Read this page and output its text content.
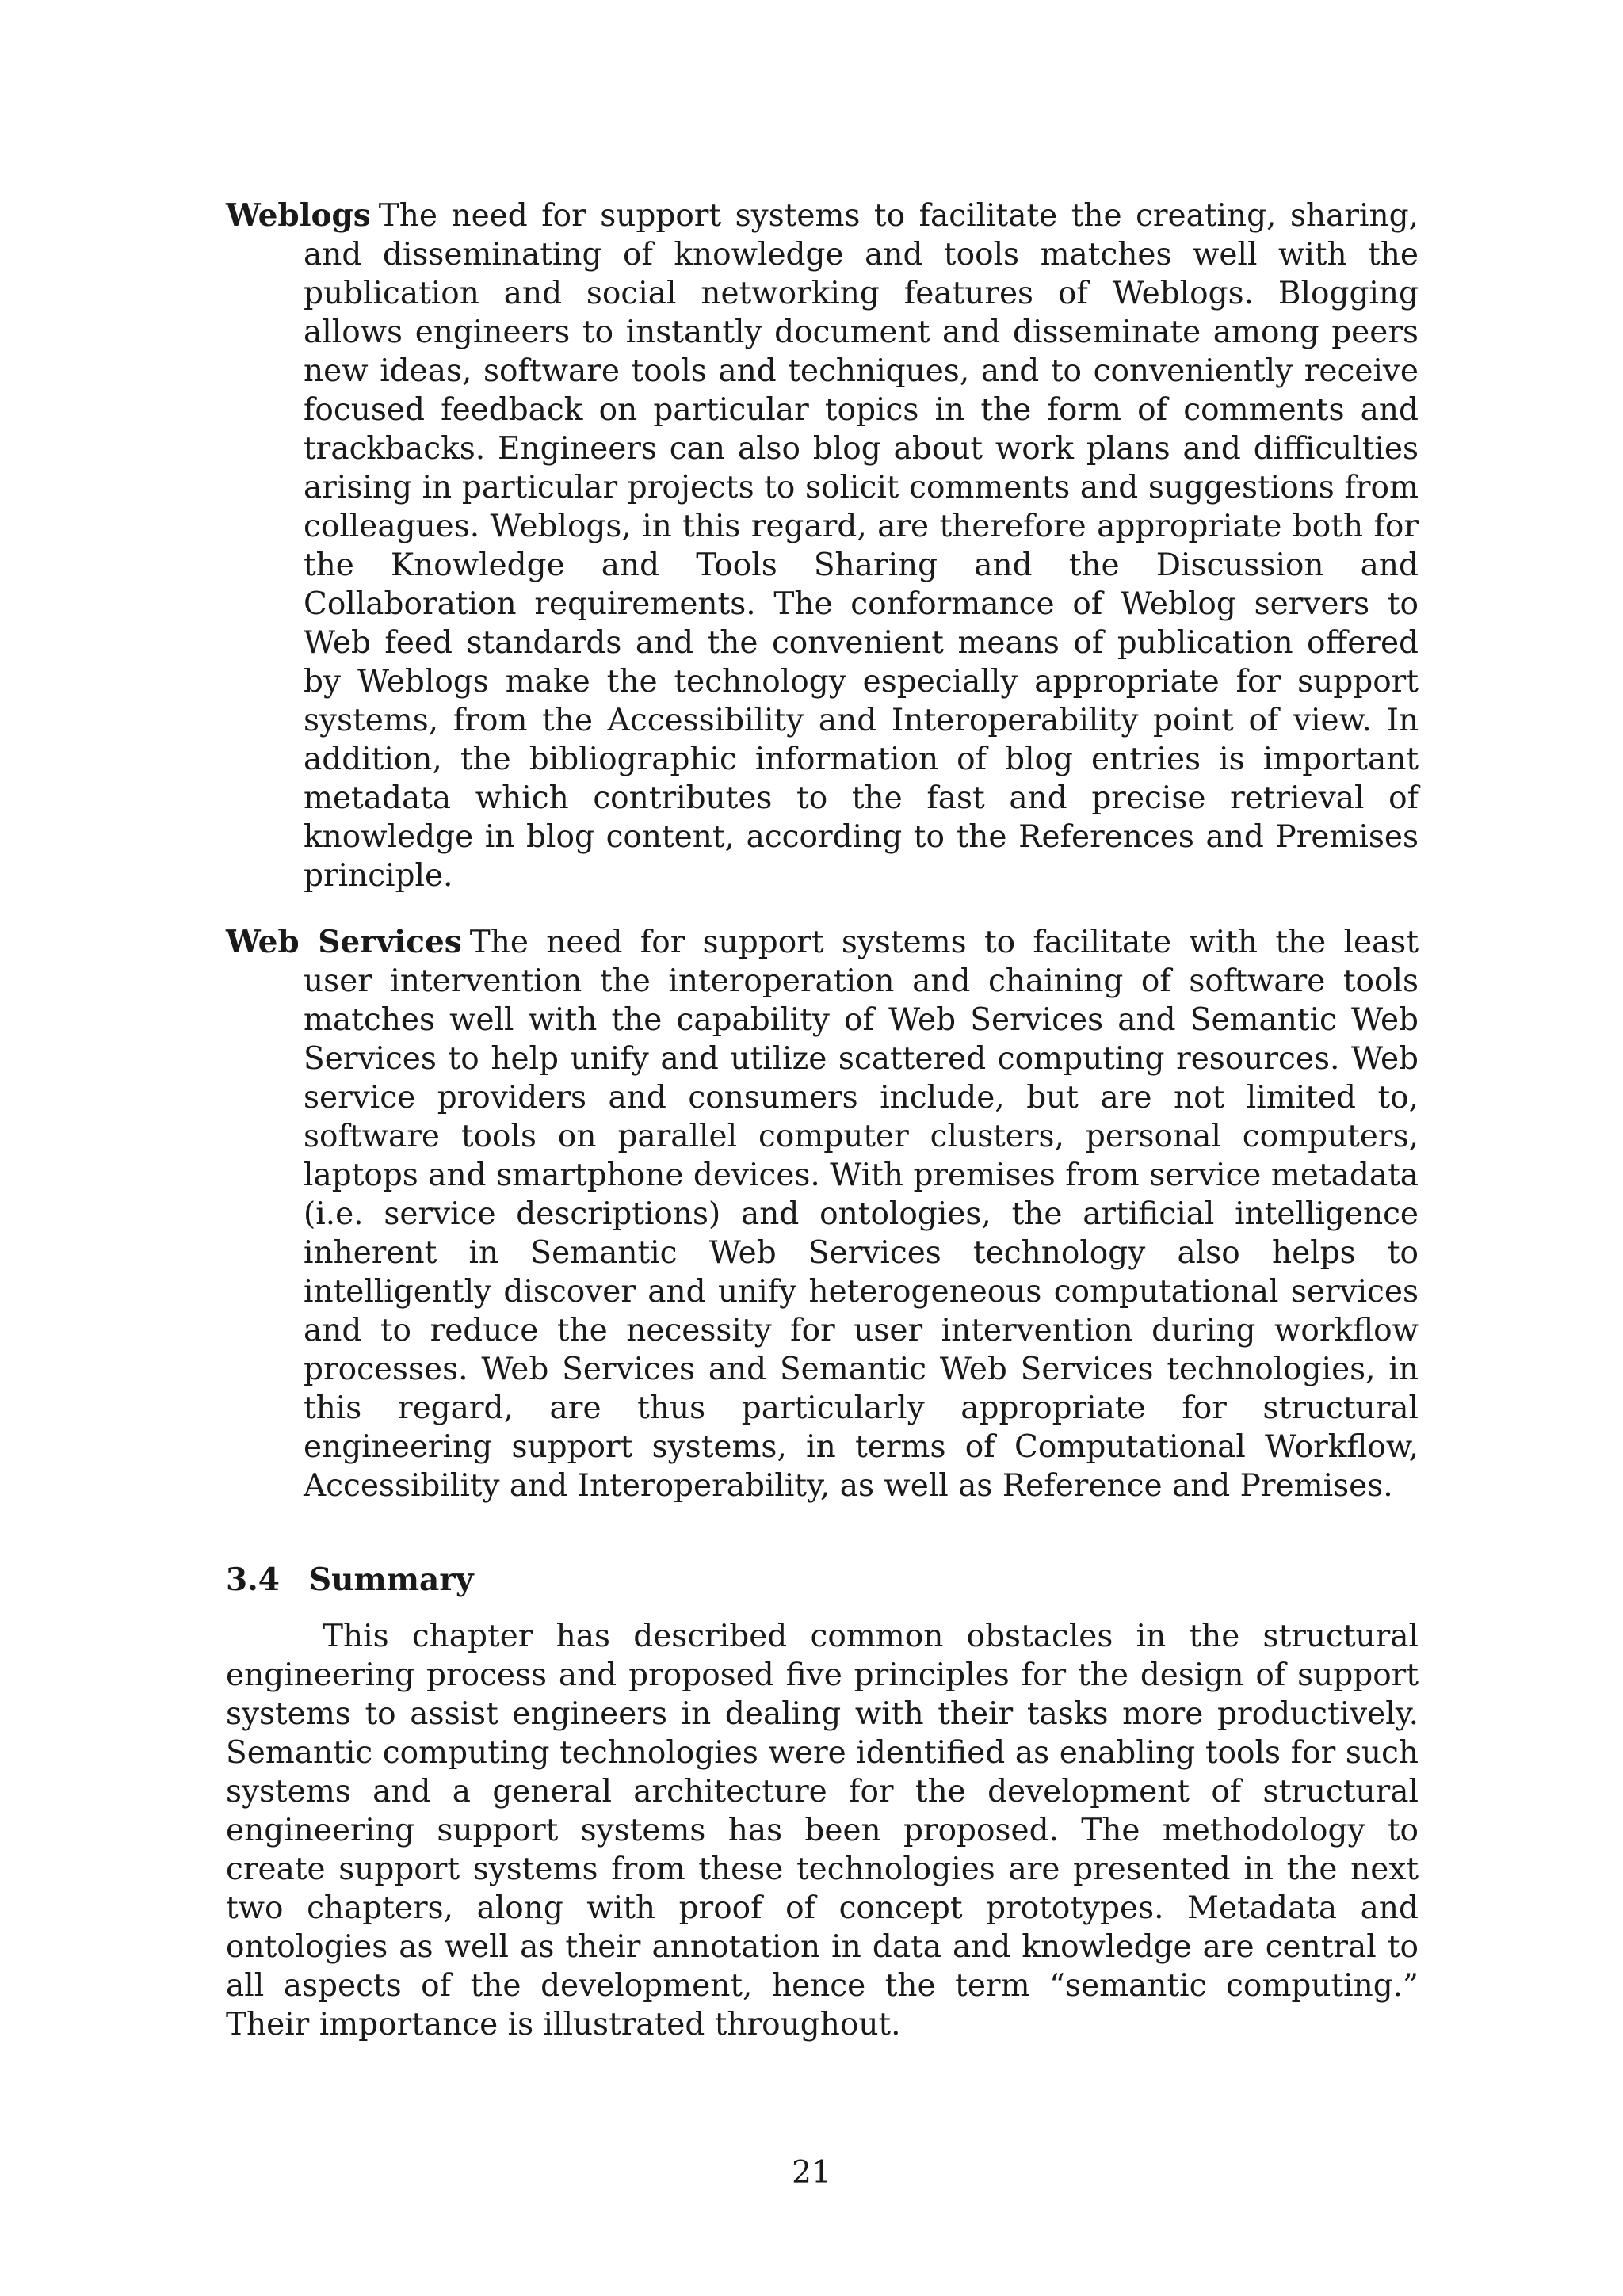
Weblogs The need for support systems to facilitate the creating, sharing, and disseminating of knowledge and tools matches well with the publication and social networking features of Weblogs. Blogging allows engineers to instantly document and disseminate among peers new ideas, software tools and techniques, and to conveniently receive focused feedback on particular topics in the form of comments and trackbacks. Engineers can also blog about work plans and difficulties arising in particular projects to solicit comments and suggestions from colleagues. Weblogs, in this regard, are therefore appropriate both for the Knowledge and Tools Sharing and the Discussion and Collaboration requirements. The conformance of Weblog servers to Web feed standards and the convenient means of publication offered by Weblogs make the technology especially appropriate for support systems, from the Accessibility and Interoperability point of view. In addition, the bibliographic information of blog entries is important metadata which contributes to the fast and precise retrieval of knowledge in blog content, according to the References and Premises principle.

Web Services The need for support systems to facilitate with the least user intervention the interoperation and chaining of software tools matches well with the capability of Web Services and Semantic Web Services to help unify and utilize scattered computing resources. Web service providers and consumers include, but are not limited to, software tools on parallel computer clusters, personal computers, laptops and smartphone devices. With premises from service metadata (i.e. service descriptions) and ontologies, the artificial intelligence inherent in Semantic Web Services technology also helps to intelligently discover and unify heterogeneous computational services and to reduce the necessity for user intervention during workflow processes. Web Services and Semantic Web Services technologies, in this regard, are thus particularly appropriate for structural engineering support systems, in terms of Computational Workflow, Accessibility and Interoperability, as well as Reference and Premises.

3.4 Summary

This chapter has described common obstacles in the structural engineering process and proposed five principles for the design of support systems to assist engineers in dealing with their tasks more productively. Semantic computing technologies were identified as enabling tools for such systems and a general architecture for the development of structural engineering support systems has been proposed. The methodology to create support systems from these technologies are presented in the next two chapters, along with proof of concept prototypes. Metadata and ontologies as well as their annotation in data and knowledge are central to all aspects of the development, hence the term “semantic computing.” Their importance is illustrated throughout.

21
